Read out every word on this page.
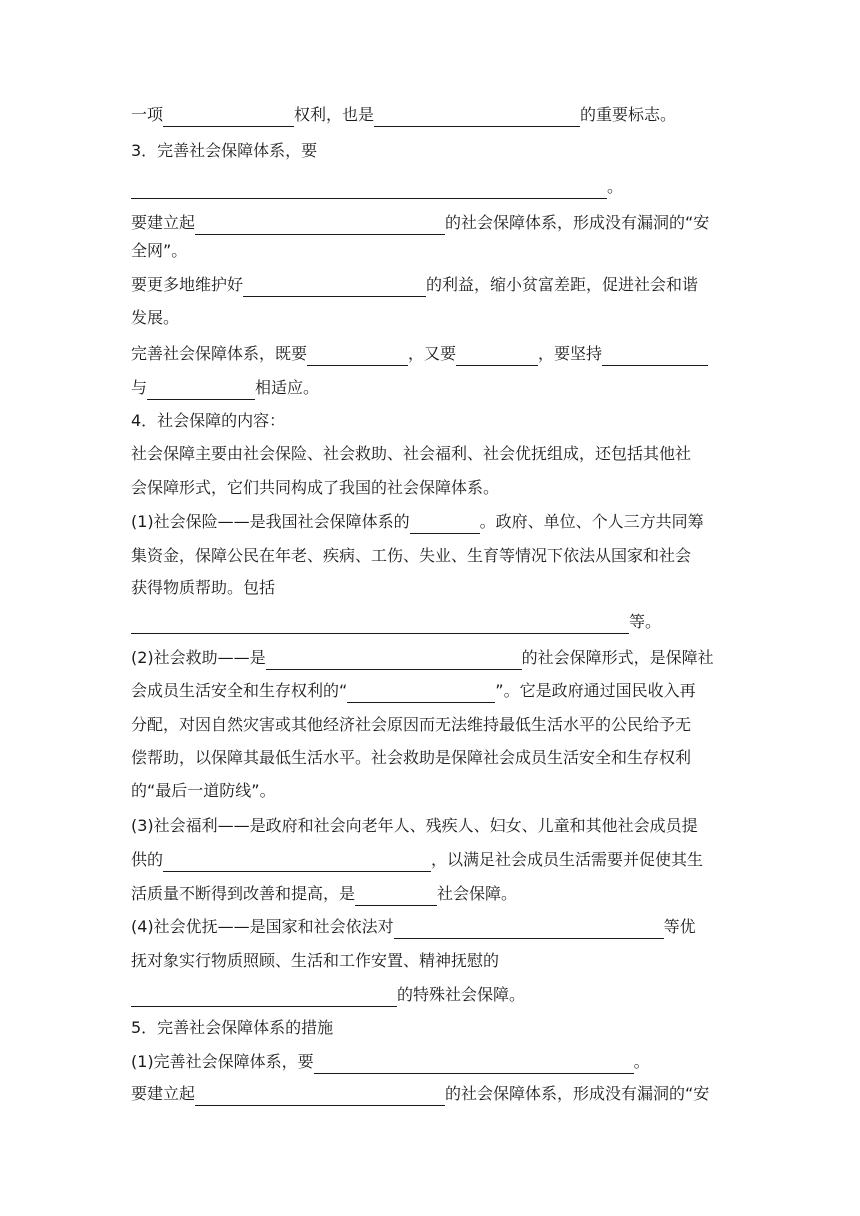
一项	权利，也是	的重要标志。
3．完善社会保障体系，要
。
要建立起	的社会保障体系，形成没有漏洞的“安
全网”。
要更多地维护好	的利益，缩小贫富差距，促进社会和谐
发展。
完善社会保障体系，既要	，又要	，要坚持
与	相适应。
4．社会保障的内容：
社会保障主要由社会保险、社会救助、社会福利、社会优抚组成，还包括其他社
会保障形式，它们共同构成了我国的社会保障体系。
(1)社会保险——是我国社会保障体系的	。政府、单位、个人三方共同筹
集资金，保障公民在年老、疾病、工伤、失业、生育等情况下依法从国家和社会
获得物质帮助。包括
等。
(2)社会救助——是	的社会保障形式，是保障社
会成员生活安全和生存权利的“	”。它是政府通过国民收入再
分配，对因自然灾害或其他经济社会原因而无法维持最低生活水平的公民给予无
偿帮助，以保障其最低生活水平。社会救助是保障社会成员生活安全和生存权利
的“最后一道防线”。
(3)社会福利——是政府和社会向老年人、残疾人、妇女、儿童和其他社会成员提
供的	，以满足社会成员生活需要并促使其生
活质量不断得到改善和提高，是	社会保障。
(4)社会优抚——是国家和社会依法对	等优
抚对象实行物质照顾、生活和工作安置、精神抚慰的
的特殊社会保障。
5．完善社会保障体系的措施
(1)完善社会保障体系，要	。
要建立起	的社会保障体系，形成没有漏洞的“安
